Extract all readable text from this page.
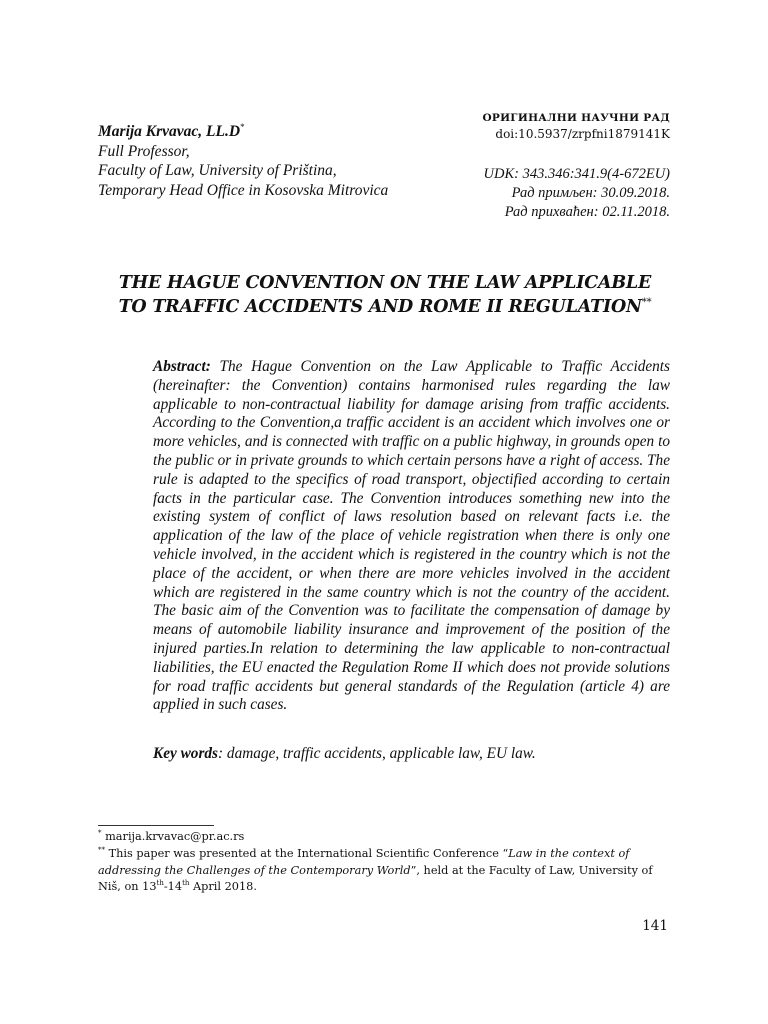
Marija Krvavac, LL.D*
Full Professor,
Faculty of Law, University of Priština,
Temporary Head Office in Kosovska Mitrovica
ОРИГИНАЛНИ НАУЧНИ РАД
doi:10.5937/zrpfni1879141K
UDK: 343.346:341.9(4-672EU)
Рад примљен: 30.09.2018.
Рад прихваћен: 02.11.2018.
THE HAGUE CONVENTION ON THE LAW APPLICABLE
TO TRAFFIC ACCIDENTS AND ROME II REGULATION**
Abstract: The Hague Convention on the Law Applicable to Traffic Accidents (hereinafter: the Convention) contains harmonised rules regarding the law applicable to non-contractual liability for damage arising from traffic accidents. According to the Convention,a traffic accident is an accident which involves one or more vehicles, and is connected with traffic on a public highway, in grounds open to the public or in private grounds to which certain persons have a right of access. The rule is adapted to the specifics of road transport, objectified according to certain facts in the particular case. The Convention introduces something new into the existing system of conflict of laws resolution based on relevant facts i.e. the application of the law of the place of vehicle registration when there is only one vehicle involved, in the accident which is registered in the country which is not the place of the accident, or when there are more vehicles involved in the accident which are registered in the same country which is not the country of the accident. The basic aim of the Convention was to facilitate the compensation of damage by means of automobile liability insurance and improvement of the position of the injured parties.In relation to determining the law applicable to non-contractual liabilities, the EU enacted the Regulation Rome II which does not provide solutions for road traffic accidents but general standards of the Regulation (article 4) are applied in such cases.
Key words: damage, traffic accidents, applicable law, EU law.
* marija.krvavac@pr.ac.rs
** This paper was presented at the International Scientific Conference “Law in the context of addressing the Challenges of the Contemporary World”, held at the Faculty of Law, University of Niš, on 13th-14th April 2018.
141
